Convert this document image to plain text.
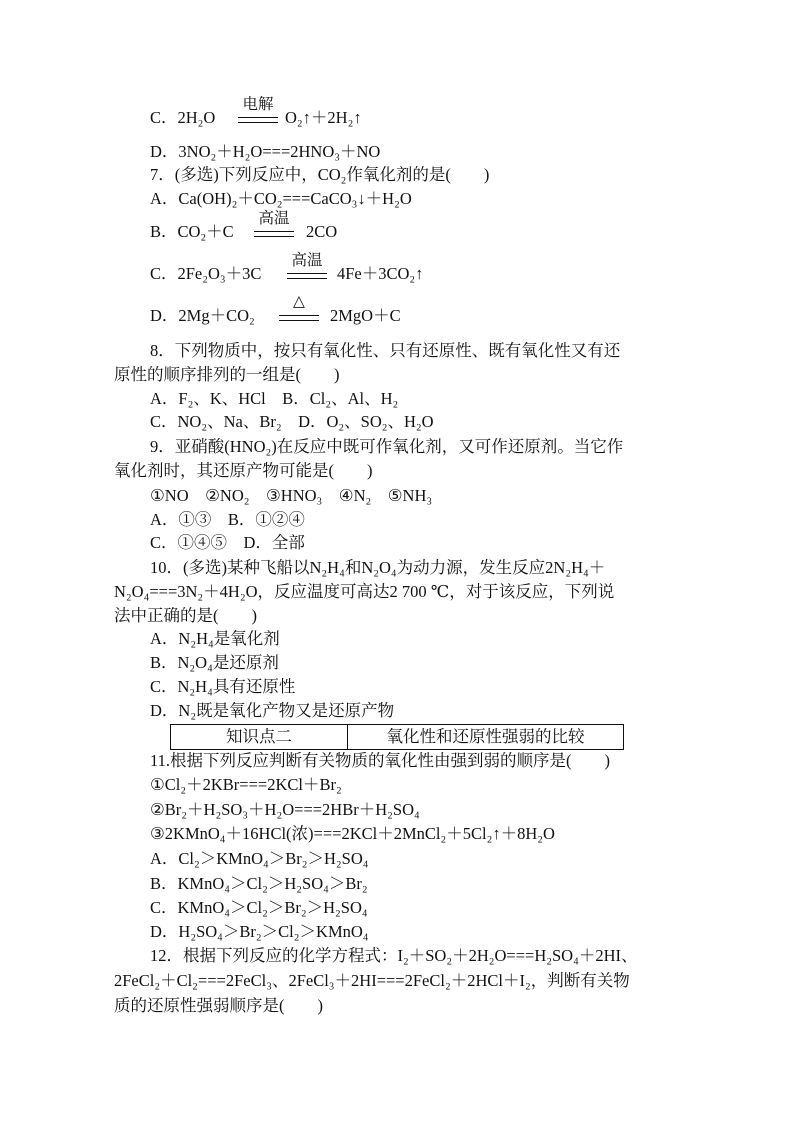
C．2H₂O
电解
O₂↑＋2H₂↑
D．3NO₂＋H₂O===2HNO₃＋NO
7．(多选)下列反应中，CO₂作氧化剂的是(　　)
A．Ca(OH)₂＋CO₂===CaCO₃↓＋H₂O
B．CO₂＋C
高温
2CO
C．2Fe₂O₃＋3C
高温
4Fe＋3CO₂↑
D．2Mg＋CO₂
△
2MgO＋C
8．下列物质中，按只有氧化性、只有还原性、既有氧化性又有还
原性的顺序排列的一组是(　　)
A．F₂、K、HCl　B．Cl₂、Al、H₂
C．NO₂、Na、Br₂　D．O₂、SO₂、H₂O
9．亚硝酸(HNO₂)在反应中既可作氧化剂，又可作还原剂。当它作
氧化剂时，其还原产物可能是(　　)
①NO　②NO₂　③HNO₃　④N₂　⑤NH₃
A．①③　B．①②④
C．①④⑤　D．全部
10．(多选)某种飞船以N₂H₄和N₂O₄为动力源，发生反应2N₂H₄＋
N₂O₄===3N₂＋4H₂O，反应温度可高达2 700 ℃，对于该反应，下列说
法中正确的是(　　)
A．N₂H₄是氧化剂
B．N₂O₄是还原剂
C．N₂H₄具有还原性
D．N₂既是氧化产物又是还原产物
知识点二	氧化性和还原性强弱的比较
11.根据下列反应判断有关物质的氧化性由强到弱的顺序是(　　)
①Cl₂＋2KBr===2KCl＋Br₂
②Br₂＋H₂SO₃＋H₂O===2HBr＋H₂SO₄
③2KMnO₄＋16HCl(浓)===2KCl＋2MnCl₂＋5Cl₂↑＋8H₂O
A．Cl₂＞KMnO₄＞Br₂＞H₂SO₄
B．KMnO₄＞Cl₂＞H₂SO₄＞Br₂
C．KMnO₄＞Cl₂＞Br₂＞H₂SO₄
D．H₂SO₄＞Br₂＞Cl₂＞KMnO₄
12．根据下列反应的化学方程式：I₂＋SO₂＋2H₂O===H₂SO₄＋2HI、
2FeCl₂＋Cl₂===2FeCl₃、2FeCl₃＋2HI===2FeCl₂＋2HCl＋I₂，判断有关物
质的还原性强弱顺序是(　　)
